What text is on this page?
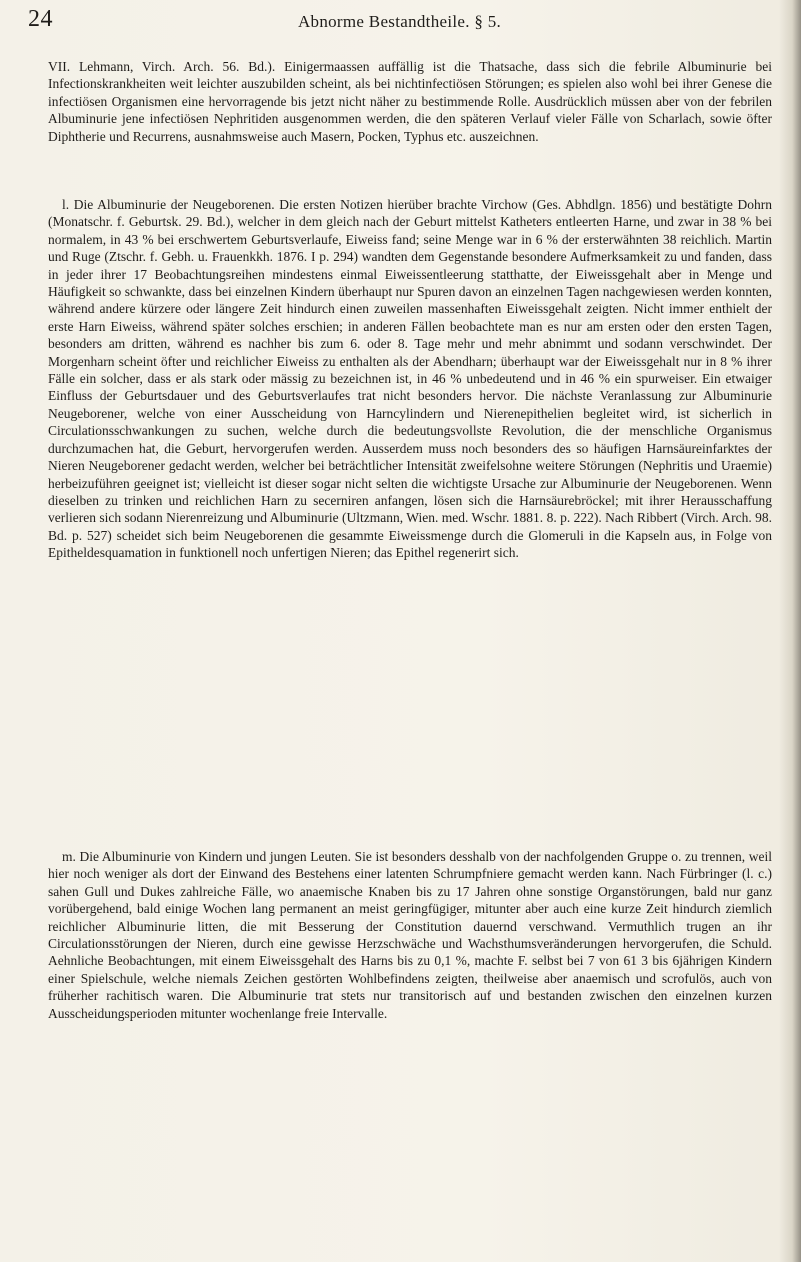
24	Abnorme Bestandtheile. § 5.

VII. Lehmann, Virch. Arch. 56. Bd.). Einigermaassen auffällig ist die Thatsache, dass sich die febrile Albuminurie bei Infectionskrankheiten weit leichter auszubilden scheint, als bei nichtinfectiösen Störungen; es spielen also wohl bei ihrer Genese die infectiösen Organismen eine hervorragende bis jetzt nicht näher zu bestimmende Rolle. Ausdrücklich müssen aber von der febrilen Albuminurie jene infectiösen Nephritiden ausgenommen werden, die den späteren Verlauf vieler Fälle von Scharlach, sowie öfter Diphtherie und Recurrens, ausnahmsweise auch Masern, Pocken, Typhus etc. auszeichnen.

l. Die Albuminurie der Neugeborenen. Die ersten Notizen hierüber brachte Virchow (Ges. Abhdlgn. 1856) und bestätigte Dohrn (Monatschr. f. Geburtsk. 29. Bd.), welcher in dem gleich nach der Geburt mittelst Katheters entleerten Harne, und zwar in 38 % bei normalem, in 43 % bei erschwertem Geburtsverlaufe, Eiweiss fand; seine Menge war in 6 % der ersterwähnten 38 reichlich. Martin und Ruge (Ztschr. f. Gebh. u. Frauenkkh. 1876. I p. 294) wandten dem Gegenstande besondere Aufmerksamkeit zu und fanden, dass in jeder ihrer 17 Beobachtungsreihen mindestens einmal Eiweissentleerung statthatte, der Eiweissgehalt aber in Menge und Häufigkeit so schwankte, dass bei einzelnen Kindern überhaupt nur Spuren davon an einzelnen Tagen nachgewiesen werden konnten, während andere kürzere oder längere Zeit hindurch einen zuweilen massenhaften Eiweissgehalt zeigten. Nicht immer enthielt der erste Harn Eiweiss, während später solches erschien; in anderen Fällen beobachtete man es nur am ersten oder den ersten Tagen, besonders am dritten, während es nachher bis zum 6. oder 8. Tage mehr und mehr abnimmt und sodann verschwindet. Der Morgenharn scheint öfter und reichlicher Eiweiss zu enthalten als der Abendharn; überhaupt war der Eiweissgehalt nur in 8 % ihrer Fälle ein solcher, dass er als stark oder mässig zu bezeichnen ist, in 46 % unbedeutend und in 46 % ein spurweiser. Ein etwaiger Einfluss der Geburtsdauer und des Geburtsverlaufes trat nicht besonders hervor. Die nächste Veranlassung zur Albuminurie Neugeborener, welche von einer Ausscheidung von Harncylindern und Nierenepithelien begleitet wird, ist sicherlich in Circulationsschwankungen zu suchen, welche durch die bedeutungsvollste Revolution, die der menschliche Organismus durchzumachen hat, die Geburt, hervorgerufen werden. Ausserdem muss noch besonders des so häufigen Harnsäureinfarktes der Nieren Neugeborener gedacht werden, welcher bei beträchtlicher Intensität zweifelsohne weitere Störungen (Nephritis und Uraemie) herbeizuführen geeignet ist; vielleicht ist dieser sogar nicht selten die wichtigste Ursache zur Albuminurie der Neugeborenen. Wenn dieselben zu trinken und reichlichen Harn zu secerniren anfangen, lösen sich die Harnsäurebröckel; mit ihrer Herausschaffung verlieren sich sodann Nierenreizung und Albuminurie (Ultzmann, Wien. med. Wschr. 1881. 8. p. 222). Nach Ribbert (Virch. Arch. 98. Bd. p. 527) scheidet sich beim Neugeborenen die gesammte Eiweissmenge durch die Glomeruli in die Kapseln aus, in Folge von Epitheldesquamation in funktionell noch unfertigen Nieren; das Epithel regenerirt sich.

m. Die Albuminurie von Kindern und jungen Leuten. Sie ist besonders desshalb von der nachfolgenden Gruppe o. zu trennen, weil hier noch weniger als dort der Einwand des Bestehens einer latenten Schrumpfniere gemacht werden kann. Nach Fürbringer (l. c.) sahen Gull und Dukes zahlreiche Fälle, wo anaemische Knaben bis zu 17 Jahren ohne sonstige Organstörungen, bald nur ganz vorübergehend, bald einige Wochen lang permanent an meist geringfügiger, mitunter aber auch eine kurze Zeit hindurch ziemlich reichlicher Albuminurie litten, die mit Besserung der Constitution dauernd verschwand. Vermuthlich trugen an ihr Circulationsstörungen der Nieren, durch eine gewisse Herzschwäche und Wachsthumsveränderungen hervorgerufen, die Schuld. Aehnliche Beobachtungen, mit einem Eiweissgehalt des Harns bis zu 0,1 %, machte F. selbst bei 7 von 61 3 bis 6jährigen Kindern einer Spielschule, welche niemals Zeichen gestörten Wohlbefindens zeigten, theilweise aber anaemisch und scrofulös, auch von früherher rachitisch waren. Die Albuminurie trat stets nur transitorisch auf und bestanden zwischen den einzelnen kurzen Ausscheidungsperioden mitunter wochenlange freie Intervalle.
